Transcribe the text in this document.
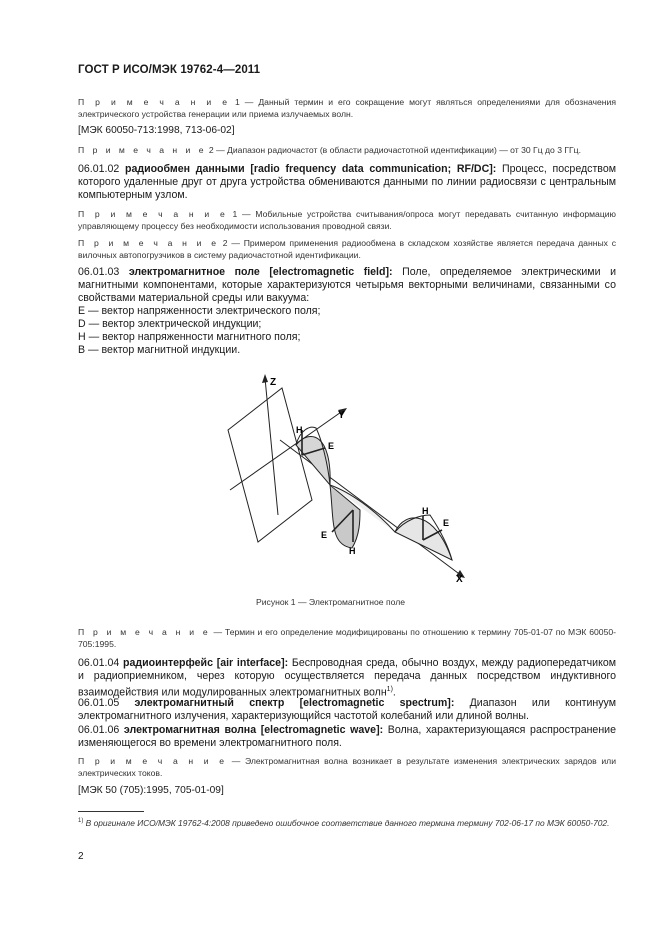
ГОСТ Р ИСО/МЭК 19762-4—2011
П р и м е ч а н и е 1 — Данный термин и его сокращение могут являться определениями для обозначения электрического устройства генерации или приема излучаемых волн.
[МЭК 60050-713:1998, 713-06-02]
П р и м е ч а н и е 2 — Диапазон радиочастот (в области радиочастотной идентификации) — от 30 Гц до 3 ГГц.
06.01.02 радиообмен данными [radio frequency data communication; RF/DC]: Процесс, посредством которого удаленные друг от друга устройства обмениваются данными по линии радиосвязи с центральным компьютерным узлом.
П р и м е ч а н и е 1 — Мобильные устройства считывания/опроса могут передавать считанную информацию управляющему процессу без необходимости использования проводной связи.
П р и м е ч а н и е 2 — Примером применения радиообмена в складском хозяйстве является передача данных с вилочных автопогрузчиков в систему радиочастотной идентификации.
06.01.03 электромагнитное поле [electromagnetic field]: Поле, определяемое электрическими и магнитными компонентами, которые характеризуются четырьмя векторными величинами, связанными со свойствами материальной среды или вакуума:
E — вектор напряженности электрического поля;
D — вектор электрической индукции;
H — вектор напряженности магнитного поля;
B — вектор магнитной индукции.
Z
Y
X
H
E
E
H
H
E
Рисунок 1 — Электромагнитное поле
П р и м е ч а н и е — Термин и его определение модифицированы по отношению к термину 705-01-07 по МЭК 60050-705:1995.
06.01.04 радиоинтерфейс [air interface]: Беспроводная среда, обычно воздух, между радиопередатчиком и радиоприемником, через которую осуществляется передача данных посредством индуктивного взаимодействия или модулированных электромагнитных волн$^{1)}$.
06.01.05 электромагнитный спектр [electromagnetic spectrum]: Диапазон или континуум электромагнитного излучения, характеризующийся частотой колебаний или длиной волны.
06.01.06 электромагнитная волна [electromagnetic wave]: Волна, характеризующаяся распространение изменяющегося во времени электромагнитного поля.
П р и м е ч а н и е — Электромагнитная волна возникает в результате изменения электрических зарядов или электрических токов.
[МЭК 50 (705):1995, 705-01-09]
$^{1)}$ В оригинале ИСО/МЭК 19762-4:2008 приведено ошибочное соответствие данного термина термину 702-06-17 по МЭК 60050-702.
2
